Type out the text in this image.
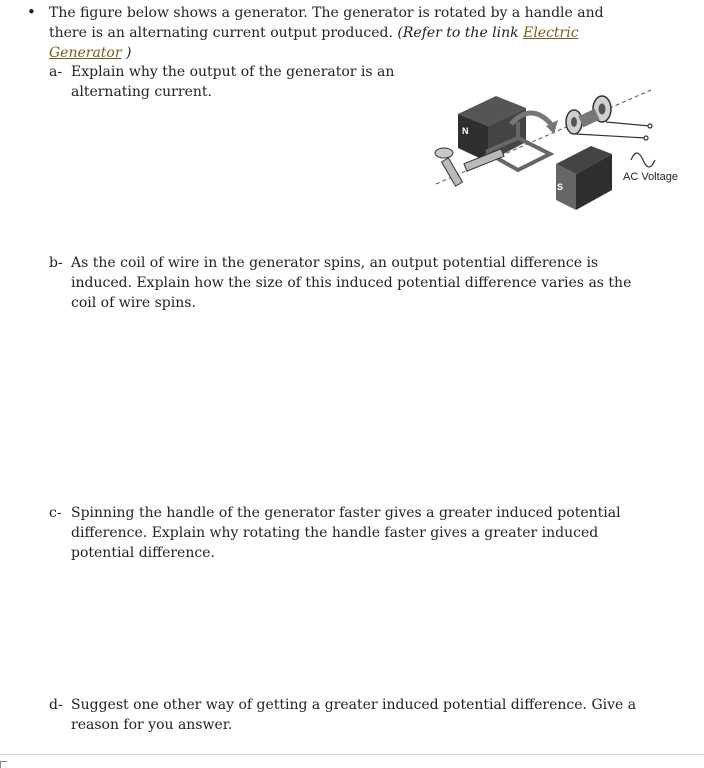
• The figure below shows a generator. The generator is rotated by a handle and
there is an alternating current output produced. (Refer to the link Electric
Generator )
a- Explain why the output of the generator is an
alternating current.
N
S
AC Voltage
b- As the coil of wire in the generator spins, an output potential difference is
induced. Explain how the size of this induced potential difference varies as the
coil of wire spins.
c- Spinning the handle of the generator faster gives a greater induced potential
difference. Explain why rotating the handle faster gives a greater induced
potential difference.
d- Suggest one other way of getting a greater induced potential difference. Give a
reason for you answer.
